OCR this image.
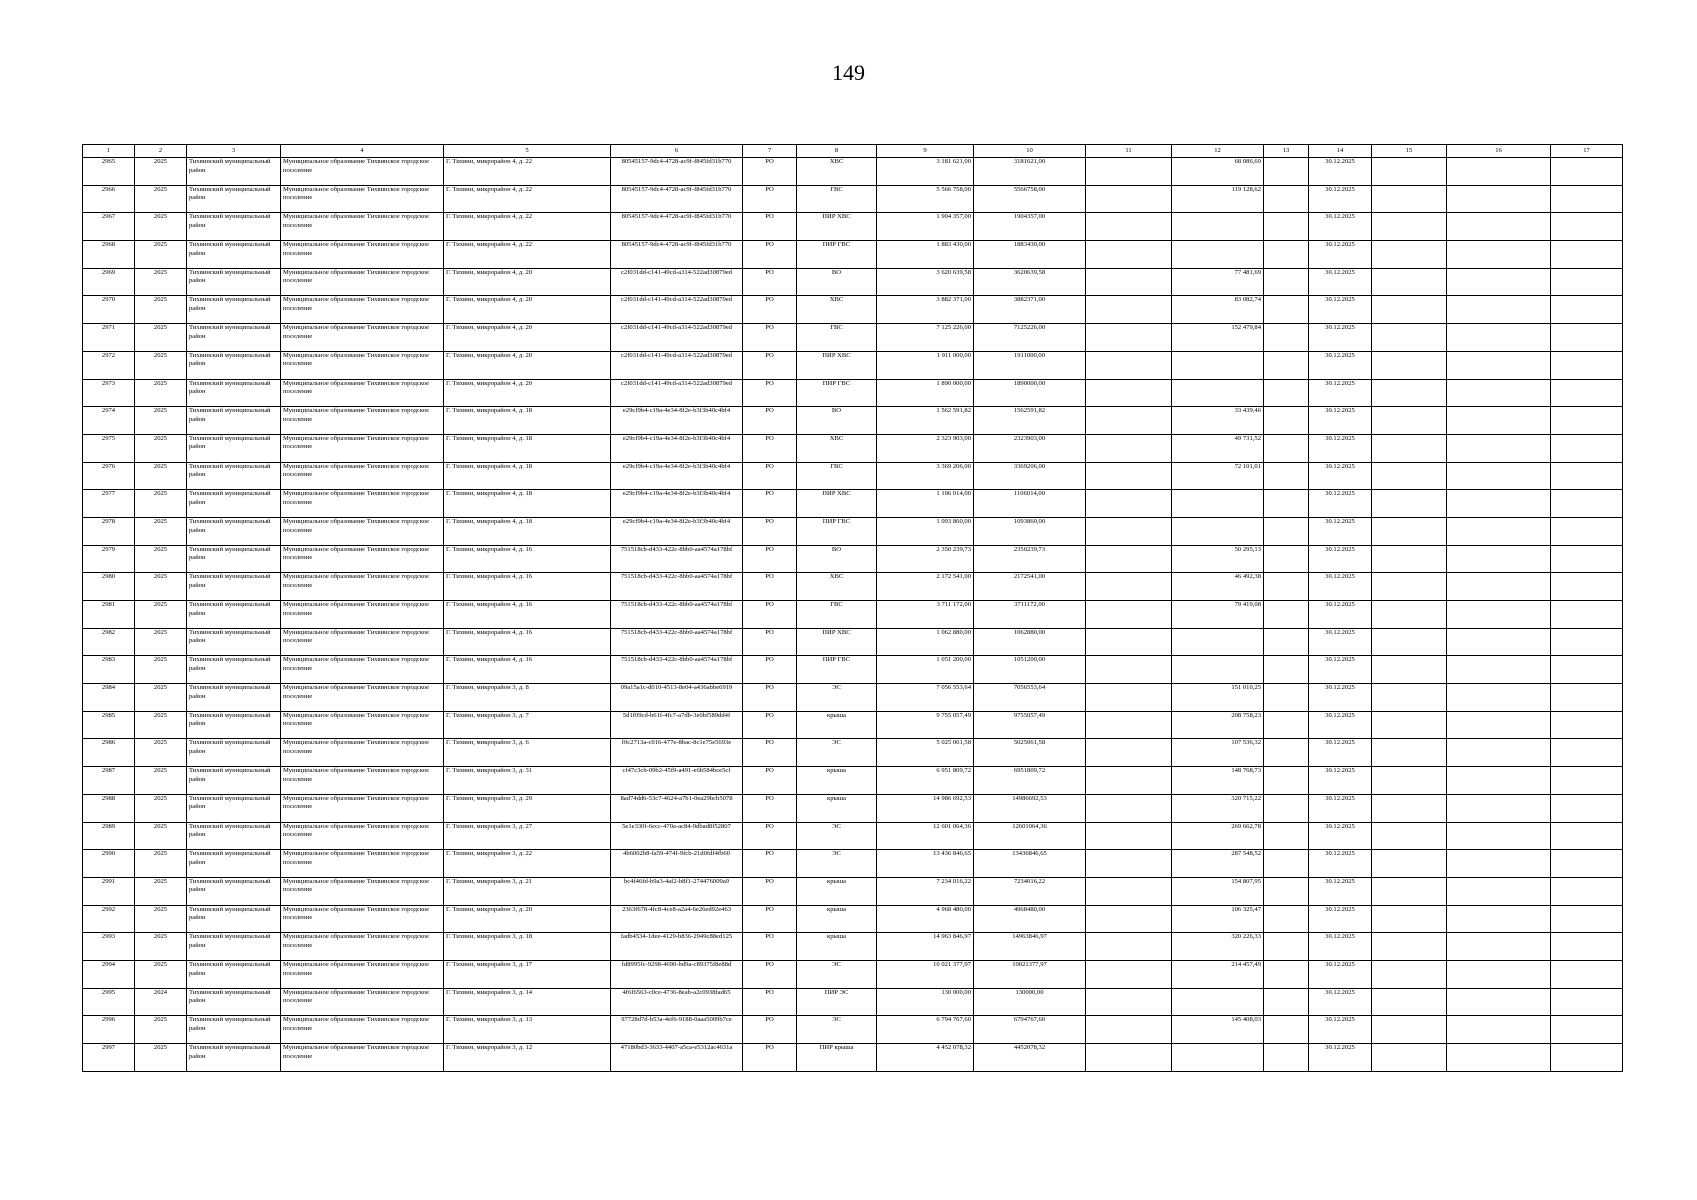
149
1	2	3	4	5	6	7	8	9	10	11	12	13	14	15	16	17
2965	2025	Тихвинский муниципальный район	Муниципальное образование Тихвинское городское поселение	Г. Тихвин, микрорайон 4, д. 22	80545157-9dc4-4728-ac9f-f845fd31b770	РО	ХВС	3 181 621,00	3181621,00		68 086,69		30.12.2025			
2966	2025	Тихвинский муниципальный район	Муниципальное образование Тихвинское городское поселение	Г. Тихвин, микрорайон 4, д. 22	80545157-9dc4-4728-ac9f-f845fd31b770	РО	ГВС	5 566 758,00	5566758,00		119 128,62		30.12.2025			
2967	2025	Тихвинский муниципальный район	Муниципальное образование Тихвинское городское поселение	Г. Тихвин, микрорайон 4, д. 22	80545157-9dc4-4728-ac9f-f845fd31b770	РО	ПИР ХВС	1 904 357,00	1904357,00				30.12.2025			
2968	2025	Тихвинский муниципальный район	Муниципальное образование Тихвинское городское поселение	Г. Тихвин, микрорайон 4, д. 22	80545157-9dc4-4728-ac9f-f845fd31b770	РО	ПИР ГВС	1 883 430,00	1883430,00				30.12.2025			
2969	2025	Тихвинский муниципальный район	Муниципальное образование Тихвинское городское поселение	Г. Тихвин, микрорайон 4, д. 20	c2f031dd-c141-49cd-a314-522ad30879ed	РО	ВО	3 620 639,58	3620639,58		77 481,69		30.12.2025			
2970	2025	Тихвинский муниципальный район	Муниципальное образование Тихвинское городское поселение	Г. Тихвин, микрорайон 4, д. 20	c2f031dd-c141-49cd-a314-522ad30879ed	РО	ХВС	3 882 371,00	3882371,00		83 082,74		30.12.2025			
2971	2025	Тихвинский муниципальный район	Муниципальное образование Тихвинское городское поселение	Г. Тихвин, микрорайон 4, д. 20	c2f031dd-c141-49cd-a314-522ad30879ed	РО	ГВС	7 125 226,00	7125226,00		152 479,84		30.12.2025			
2972	2025	Тихвинский муниципальный район	Муниципальное образование Тихвинское городское поселение	Г. Тихвин, микрорайон 4, д. 20	c2f031dd-c141-49cd-a314-522ad30879ed	РО	ПИР ХВС	1 911 000,00	1911000,00				30.12.2025			
2973	2025	Тихвинский муниципальный район	Муниципальное образование Тихвинское городское поселение	Г. Тихвин, микрорайон 4, д. 20	c2f031dd-c141-49cd-a314-522ad30879ed	РО	ПИР ГВС	1 890 000,00	1890000,00				30.12.2025			
2974	2025	Тихвинский муниципальный район	Муниципальное образование Тихвинское городское поселение	Г. Тихвин, микрорайон 4, д. 18	e29cf9b4-c19a-4e34-8f2e-b3f3b40c4bf4	РО	ВО	1 562 591,82	1562591,82		33 439,46		30.12.2025			
2975	2025	Тихвинский муниципальный район	Муниципальное образование Тихвинское городское поселение	Г. Тихвин, микрорайон 4, д. 18	e29cf9b4-c19a-4e34-8f2e-b3f3b40c4bf4	РО	ХВС	2 323 903,00	2323903,00		49 731,52		30.12.2025			
2976	2025	Тихвинский муниципальный район	Муниципальное образование Тихвинское городское поселение	Г. Тихвин, микрорайон 4, д. 18	e29cf9b4-c19a-4e34-8f2e-b3f3b40c4bf4	РО	ГВС	3 369 206,00	3369206,00		72 101,01		30.12.2025			
2977	2025	Тихвинский муниципальный район	Муниципальное образование Тихвинское городское поселение	Г. Тихвин, микрорайон 4, д. 18	e29cf9b4-c19a-4e34-8f2e-b3f3b40c4bf4	РО	ПИР ХВС	1 106 014,00	1106014,00				30.12.2025			
2978	2025	Тихвинский муниципальный район	Муниципальное образование Тихвинское городское поселение	Г. Тихвин, микрорайон 4, д. 18	e29cf9b4-c19a-4e34-8f2e-b3f3b40c4bf4	РО	ПИР ГВС	1 093 860,00	1093860,00				30.12.2025			
2979	2025	Тихвинский муниципальный район	Муниципальное образование Тихвинское городское поселение	Г. Тихвин, микрорайон 4, д. 16	751518cb-d433-422c-8bb0-aa4574a178bf	РО	ВО	2 350 239,73	2350239,73		50 295,13		30.12.2025			
2980	2025	Тихвинский муниципальный район	Муниципальное образование Тихвинское городское поселение	Г. Тихвин, микрорайон 4, д. 16	751518cb-d433-422c-8bb0-aa4574a178bf	РО	ХВС	2 172 541,00	2172541,00		46 492,38		30.12.2025			
2981	2025	Тихвинский муниципальный район	Муниципальное образование Тихвинское городское поселение	Г. Тихвин, микрорайон 4, д. 16	751518cb-d433-422c-8bb0-aa4574a178bf	РО	ГВС	3 711 172,00	3711172,00		79 419,08		30.12.2025			
2982	2025	Тихвинский муниципальный район	Муниципальное образование Тихвинское городское поселение	Г. Тихвин, микрорайон 4, д. 16	751518cb-d433-422c-8bb0-aa4574a178bf	РО	ПИР ХВС	1 062 880,00	1062880,00				30.12.2025			
2983	2025	Тихвинский муниципальный район	Муниципальное образование Тихвинское городское поселение	Г. Тихвин, микрорайон 4, д. 16	751518cb-d433-422c-8bb0-aa4574a178bf	РО	ПИР ГВС	1 051 200,00	1051200,00				30.12.2025			
2984	2025	Тихвинский муниципальный район	Муниципальное образование Тихвинское городское поселение	Г. Тихвин, микрорайон 3, д. 8	09a15a1c-d010-4513-8e04-a436abbe6919	РО	ЭС	7 056 553,64	7056553,64		151 010,25		30.12.2025			
2985	2025	Тихвинский муниципальный район	Муниципальное образование Тихвинское городское поселение	Г. Тихвин, микрорайон 3, д. 7	5d1f09cd-b61f-4fc7-a7db-3e0bf589dd4f	РО	крыша	9 755 057,49	9755057,49		208 758,23		30.12.2025			
2986	2025	Тихвинский муниципальный район	Муниципальное образование Тихвинское городское поселение	Г. Тихвин, микрорайон 3, д. 6	f0c2713a-c016-477e-8bac-8c1e75e5693e	РО	ЭС	5 025 061,58	5025061,58		107 536,32		30.12.2025			
2987	2025	Тихвинский муниципальный район	Муниципальное образование Тихвинское городское поселение	Г. Тихвин, микрорайон 3, д. 31	cf47c3cb-09b2-45f9-a491-e6b584bce5cf	РО	крыша	6 951 809,72	6951809,72		148 768,73		30.12.2025			
2988	2025	Тихвинский муниципальный район	Муниципальное образование Тихвинское городское поселение	Г. Тихвин, микрорайон 3, д. 29	8ad74dd6-53c7-4624-a7b1-0ea29bcb5078	РО	крыша	14 986 692,53	14986692,53		320 715,22		30.12.2025			
2989	2025	Тихвинский муниципальный район	Муниципальное образование Тихвинское городское поселение	Г. Тихвин, микрорайон 3, д. 27	5e1e330f-6ecc-470a-ac84-9dbad8f52807	РО	ЭС	12 601 064,36	12601064,36		269 662,78		30.12.2025			
2990	2025	Тихвинский муниципальный район	Муниципальное образование Тихвинское городское поселение	Г. Тихвин, микрорайон 3, д. 22	4b6002b8-fa59-474f-9fcb-21d0fdf4fb60	РО	ЭС	13 436 846,65	13436846,65		287 548,52		30.12.2025			
2991	2025	Тихвинский муниципальный район	Муниципальное образование Тихвинское городское поселение	Г. Тихвин, микрорайон 3, д. 21	bc4f46fd-b9a3-4af2-b8f1-274476009a9	РО	крыша	7 234 016,22	7234016,22		154 807,95		30.12.2025			
2992	2025	Тихвинский муниципальный район	Муниципальное образование Тихвинское городское поселение	Г. Тихвин, микрорайон 3, д. 20	2363f678-4fc8-4ce8-a2a4-6e26ed92e463	РО	крыша	4 968 480,00	4968480,00		106 325,47		30.12.2025			
2993	2025	Тихвинский муниципальный район	Муниципальное образование Тихвинское городское поселение	Г. Тихвин, микрорайон 3, д. 18	fadb4534-1dee-4129-b836-2949c88ed125	РО	крыша	14 963 846,97	14963846,97		320 226,33		30.12.2025			
2994	2025	Тихвинский муниципальный район	Муниципальное образование Тихвинское городское поселение	Г. Тихвин, микрорайон 3, д. 17	fd8995fc-9298-4690-bd9a-c89375f8e88d	РО	ЭС	10 021 377,97	10021377,97		214 457,49		30.12.2025			
2995	2024	Тихвинский муниципальный район	Муниципальное образование Тихвинское городское поселение	Г. Тихвин, микрорайон 3, д. 14	4f6f6563-c0ce-4736-8eab-a2c0938fad65	РО	ПИР ЭС	130 000,00	130000,00				30.12.2025			
2996	2025	Тихвинский муниципальный район	Муниципальное образование Тихвинское городское поселение	Г. Тихвин, микрорайон 3, д. 13	97728d7d-b53a-4ef6-9188-0aaa5009b7ce	РО	ЭС	6 794 767,60	6794767,60		145 408,03		30.12.2025			
2997	2025	Тихвинский муниципальный район	Муниципальное образование Тихвинское городское поселение	Г. Тихвин, микрорайон 3, д. 12	47180bd3-3633-4407-a5ca-e5312ac4631a	РО	ПИР крыша	4 452 078,32	4452078,32				30.12.2025			
